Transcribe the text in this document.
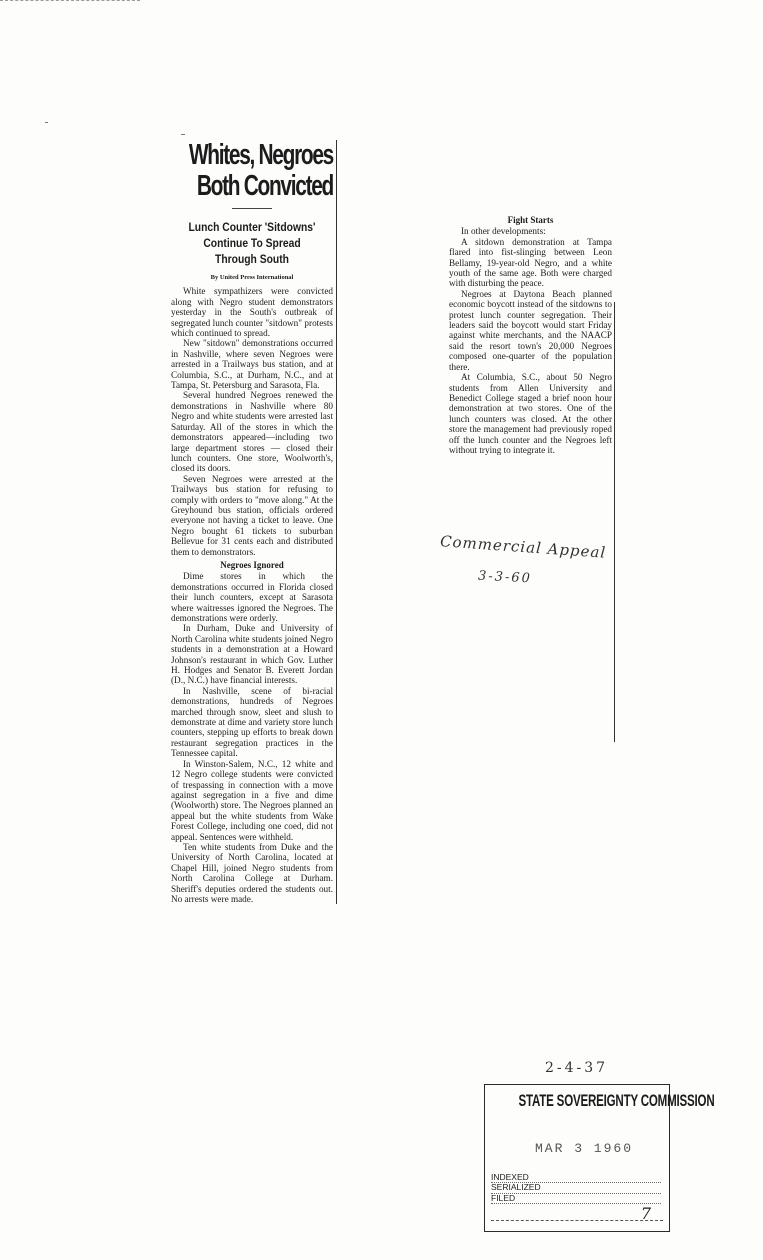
Whites, Negroes
Both Convicted
Lunch Counter 'Sitdowns'
Continue To Spread
Through South
By United Press International

White sympathizers were convicted along with Negro student demonstrators yesterday in the South's outbreak of segregated lunch counter "sitdown" protests which continued to spread.

New "sitdown" demonstrations occurred in Nashville, where seven Negroes were arrested in a Trailways bus station, and at Columbia, S.C., at Durham, N.C., and at Tampa, St. Petersburg and Sarasota, Fla.

Several hundred Negroes renewed the demonstrations in Nashville where 80 Negro and white students were arrested last Saturday. All of the stores in which the demonstrators appeared—including two large department stores — closed their lunch counters. One store, Woolworth's, closed its doors.

Seven Negroes were arrested at the Trailways bus station for refusing to comply with orders to "move along." At the Greyhound bus station, officials ordered everyone not having a ticket to leave. One Negro bought 61 tickets to suburban Bellevue for 31 cents each and distributed them to demonstrators.

Negroes Ignored

Dime stores in which the demonstrations occurred in Florida closed their lunch counters, except at Sarasota where waitresses ignored the Negroes. The demonstrations were orderly.

In Durham, Duke and University of North Carolina white students joined Negro students in a demonstration at a Howard Johnson's restaurant in which Gov. Luther H. Hodges and Senator B. Everett Jordan (D., N.C.) have financial interests.

In Nashville, scene of bi-racial demonstrations, hundreds of Negroes marched through snow, sleet and slush to demonstrate at dime and variety store lunch counters, stepping up efforts to break down restaurant segregation practices in the Tennessee capital.

In Winston-Salem, N.C., 12 white and 12 Negro college students were convicted of trespassing in connection with a move against segregation in a five and dime (Woolworth) store. The Negroes planned an appeal but the white students from Wake Forest College, including one coed, did not appeal. Sentences were withheld.

Ten white students from Duke and the University of North Carolina, located at Chapel Hill, joined Negro students from North Carolina College at Durham. Sheriff's deputies ordered the students out. No arrests were made.

Fight Starts

In other developments:

A sitdown demonstration at Tampa flared into fist-slinging between Leon Bellamy, 19-year-old Negro, and a white youth of the same age. Both were charged with disturbing the peace.

Negroes at Daytona Beach planned economic boycott instead of the sitdowns to protest lunch counter segregation. Their leaders said the boycott would start Friday against white merchants, and the NAACP said the resort town's 20,000 Negroes composed one-quarter of the population there.

At Columbia, S.C., about 50 Negro students from Allen University and Benedict College staged a brief noon hour demonstration at two stores. One of the lunch counters was closed. At the other store the management had previously roped off the lunch counter and the Negroes left without trying to integrate it.

Commercial Appeal
3-3-60
2-4-37
STATE SOVEREIGNTY COMMISSION
MAR 3 1960
INDEXED
SERIALIZED
FILED
7
